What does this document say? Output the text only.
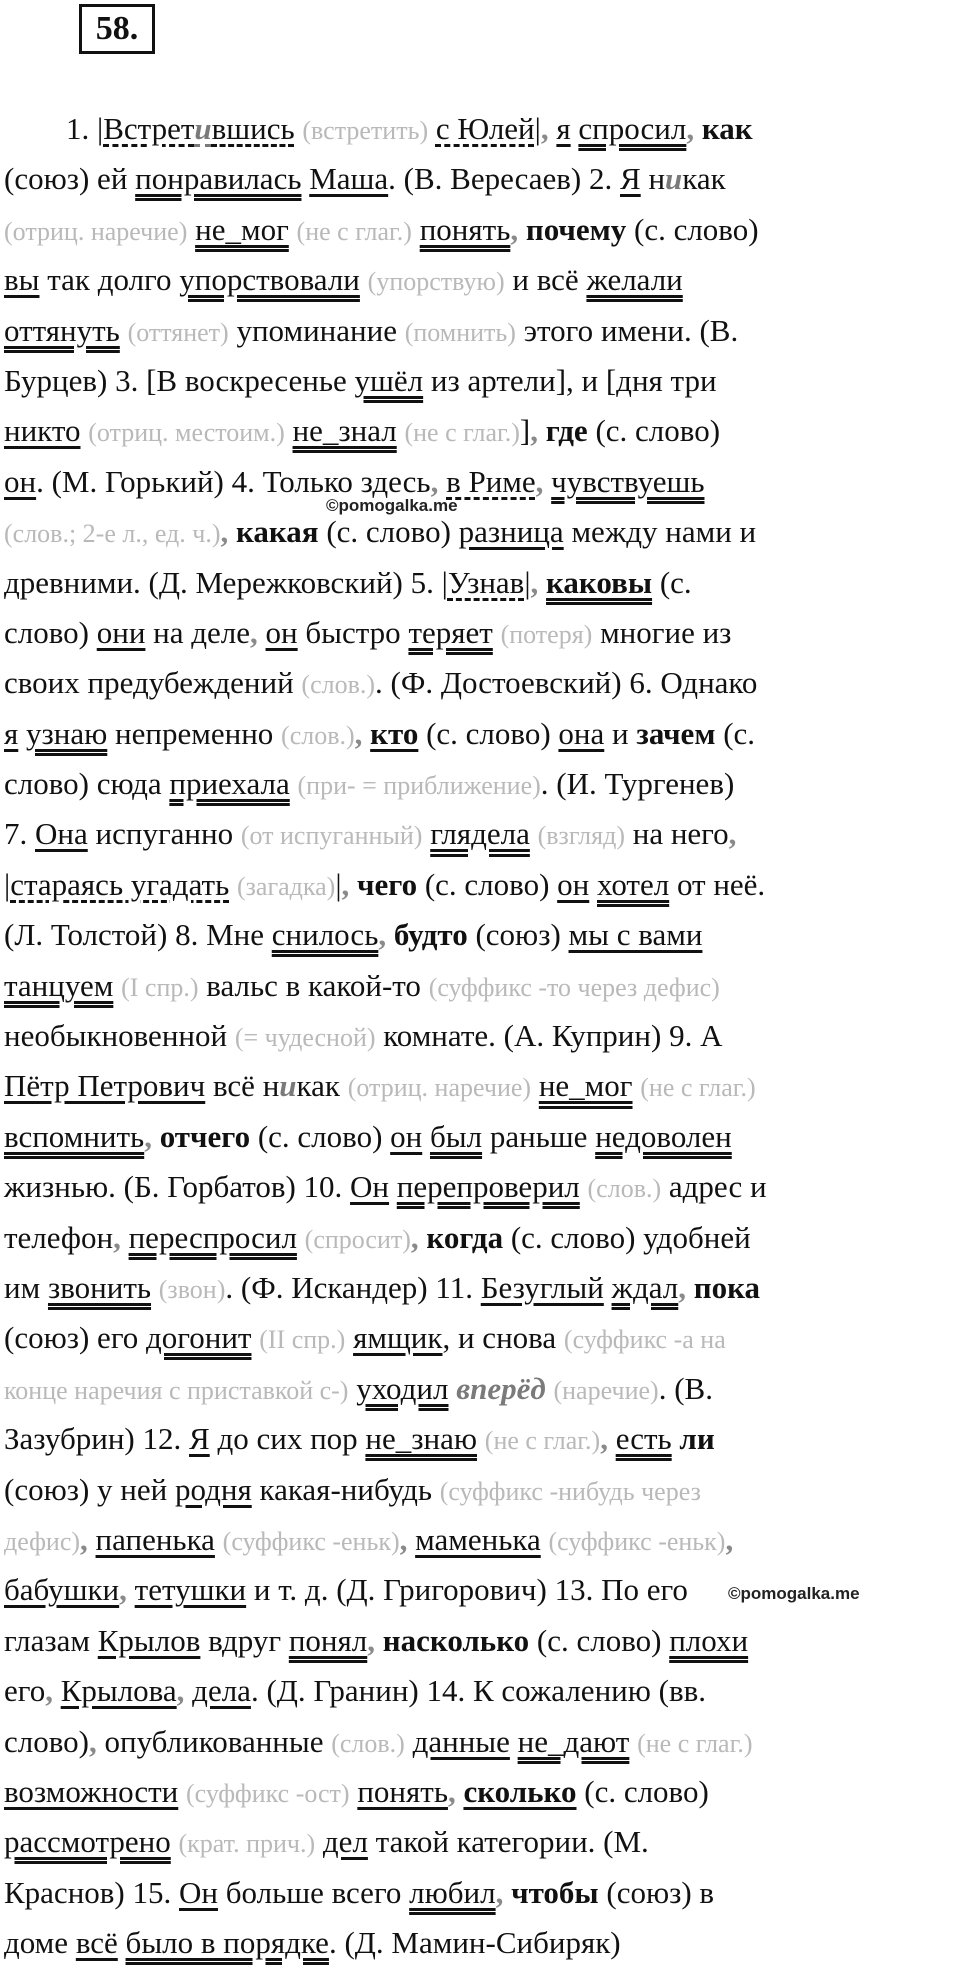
58.
©pomogalka.me
©pomogalka.me
1. |Встретившись (встретить) с Юлей|, я спросил, как
(союз) ей понравилась Маша. (В. Вересаев) 2. Я никак
(отриц. наречие) не_мог (не с глаг.) понять, почему (с. слово)
вы так долго упорствовали (упорствую) и всё желали
оттянуть (оттянет) упоминание (помнить) этого имени. (В.
Бурцев) 3. [В воскресенье ушёл из артели], и [дня три
никто (отриц. местоим.) не_знал (не с глаг.)], где (с. слово)
он. (М. Горький) 4. Только здесь, в Риме, чувствуешь
(слов.; 2-е л., ед. ч.), какая (с. слово) разница между нами и
древними. (Д. Мережковский) 5. |Узнав|, каковы (с.
слово) они на деле, он быстро теряет (потеря) многие из
своих предубеждений (слов.). (Ф. Достоевский) 6. Однако
я узнаю непременно (слов.), кто (с. слово) она и зачем (с.
слово) сюда приехала (при- = приближение). (И. Тургенев)
7. Она испуганно (от испуганный) глядела (взгляд) на него,
|стараясь угадать (загадка)|, чего (с. слово) он хотел от неё.
(Л. Толстой) 8. Мне снилось, будто (союз) мы с вами
танцуем (I спр.) вальс в какой-то (суффикс -то через дефис)
необыкновенной (= чудесной) комнате. (А. Куприн) 9. А
Пётр Петрович всё никак (отриц. наречие) не_мог (не с глаг.)
вспомнить, отчего (с. слово) он был раньше недоволен
жизнью. (Б. Горбатов) 10. Он перепроверил (слов.) адрес и
телефон, переспросил (спросит), когда (с. слово) удобней
им звонить (звон). (Ф. Искандер) 11. Безуглый ждал, пока
(союз) его догонит (II спр.) ямщик, и снова (суффикс -а на
конце наречия с приставкой с-) уходил вперёд (наречие). (В.
Зазубрин) 12. Я до сих пор не_знаю (не с глаг.), есть ли
(союз) у ней родня какая-нибудь (суффикс -нибудь через
дефис), папенька (суффикс -еньк), маменька (суффикс -еньк),
бабушки, тетушки и т. д. (Д. Григорович) 13. По его
глазам Крылов вдруг понял, насколько (с. слово) плохи
его, Крылова, дела. (Д. Гранин) 14. К сожалению (вв.
слово), опубликованные (слов.) данные не_дают (не с глаг.)
возможности (суффикс -ост) понять, сколько (с. слово)
рассмотрено (крат. прич.) дел такой категории. (М.
Краснов) 15. Он больше всего любил, чтобы (союз) в
доме всё было в порядке. (Д. Мамин-Сибиряк)
